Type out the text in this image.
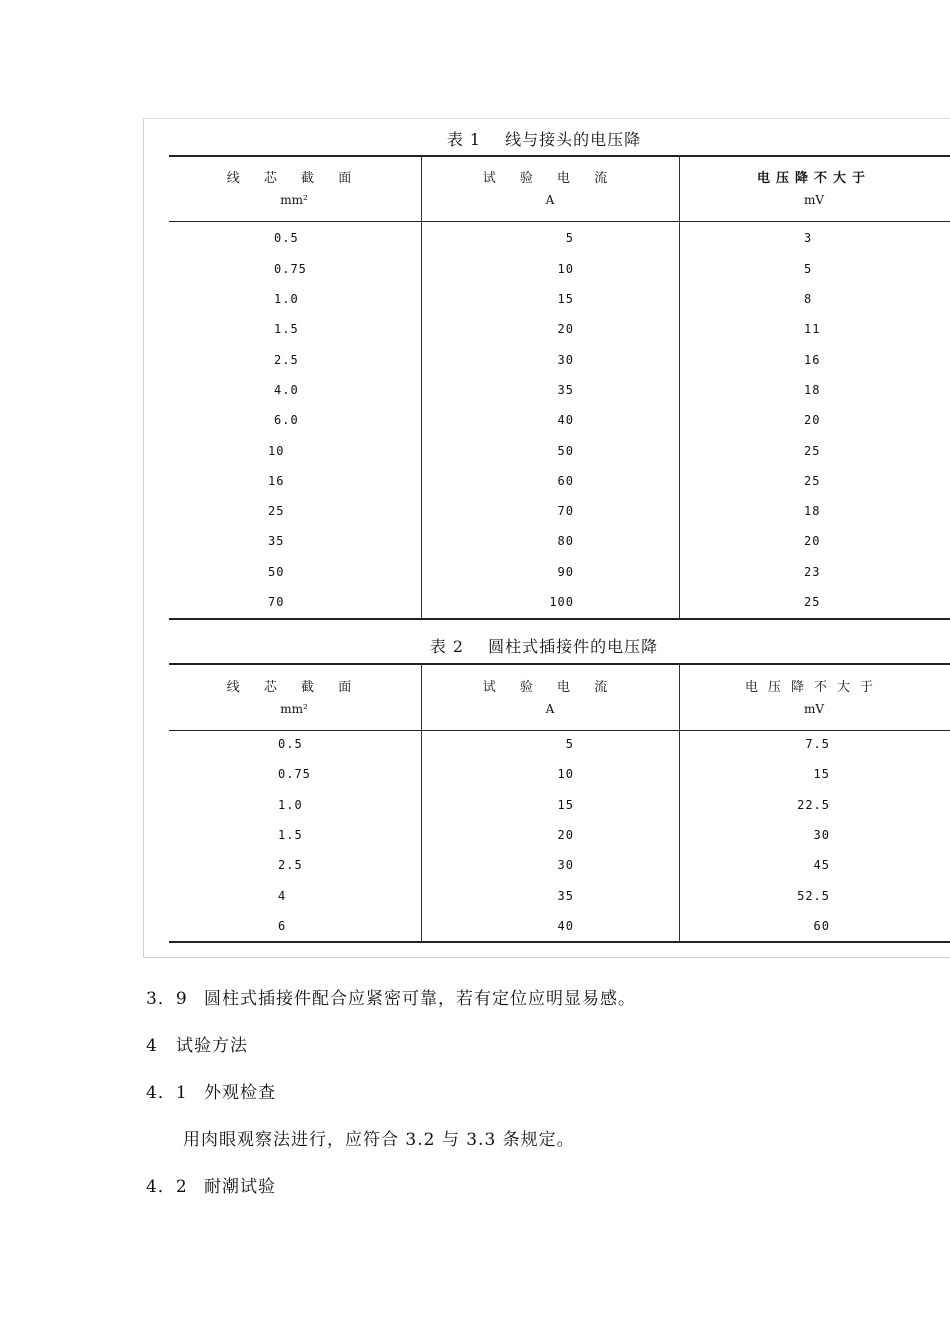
表 1 线与接头的电压降
线 芯 截 面	试 验 电 流	电压降不大于
mm²	A	mV
0.5	5	3
0.75	10	5
1.0	15	8
1.5	20	11
2.5	30	16
4.0	35	18
6.0	40	20
10	50	25
16	60	25
25	70	18
35	80	20
50	90	23
70	100	25
表 2 圆柱式插接件的电压降
线 芯 截 面	试 验 电 流	电压降不大于
mm²	A	mV
0.5	5	7.5
0.75	10	15
1.0	15	22.5
1.5	20	30
2.5	30	45
4	35	52.5
6	40	60
3．9 圆柱式插接件配合应紧密可靠，若有定位应明显易感。
4 试验方法
4．1 外观检查
用肉眼观察法进行，应符合 3.2 与 3.3 条规定。
4．2 耐潮试验
